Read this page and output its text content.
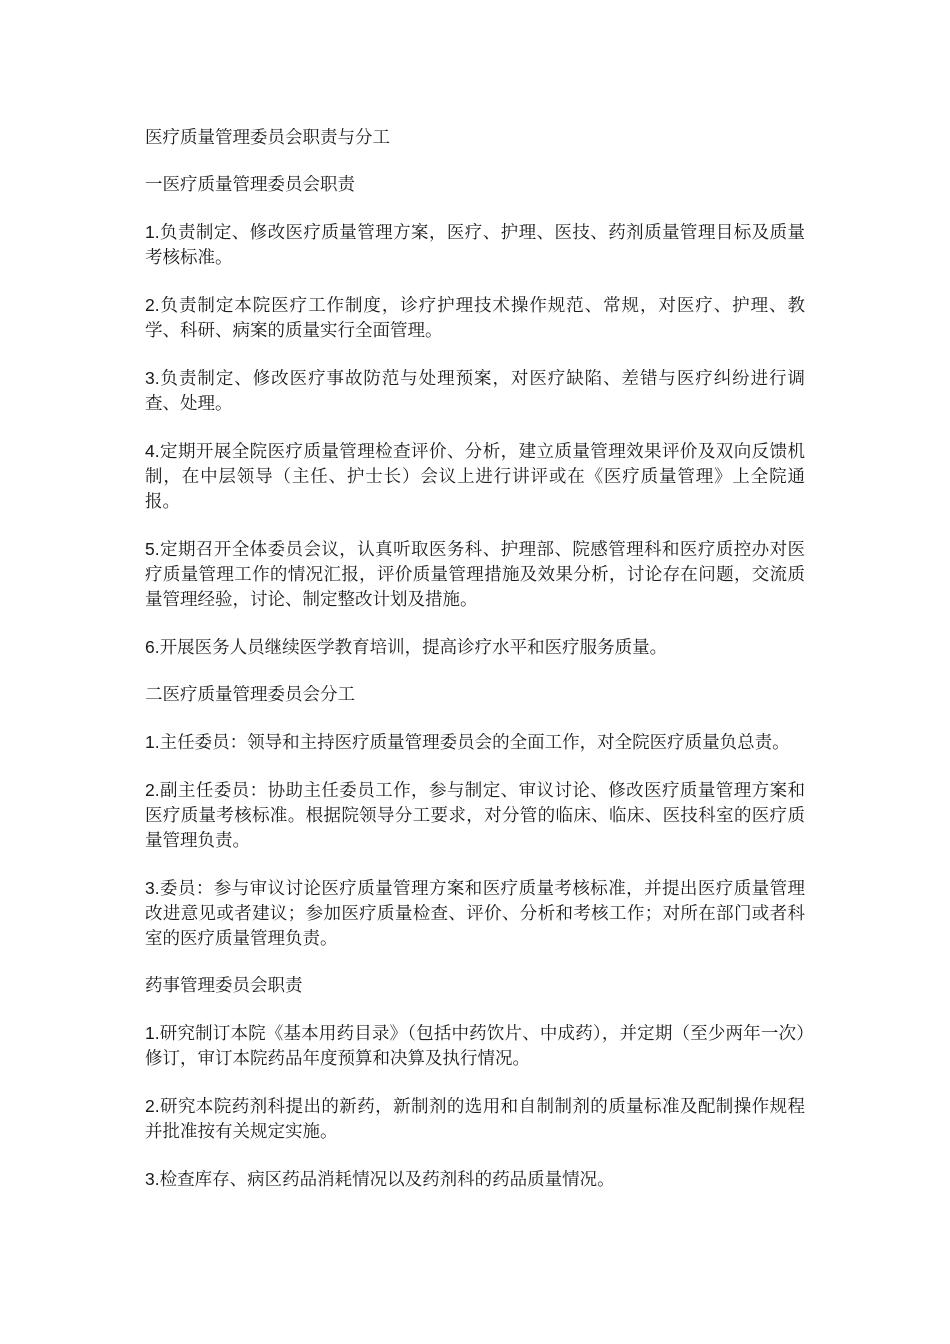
医疗质量管理委员会职责与分工

一医疗质量管理委员会职责

1.负责制定、修改医疗质量管理方案，医疗、护理、医技、药剂质量管理目标及质量考核标准。

2.负责制定本院医疗工作制度，诊疗护理技术操作规范、常规，对医疗、护理、教学、科研、病案的质量实行全面管理。

3.负责制定、修改医疗事故防范与处理预案，对医疗缺陷、差错与医疗纠纷进行调查、处理。

4.定期开展全院医疗质量管理检查评价、分析，建立质量管理效果评价及双向反馈机制，在中层领导（主任、护士长）会议上进行讲评或在《医疗质量管理》上全院通报。

5.定期召开全体委员会议，认真听取医务科、护理部、院感管理科和医疗质控办对医疗质量管理工作的情况汇报，评价质量管理措施及效果分析，讨论存在问题，交流质量管理经验，讨论、制定整改计划及措施。

6.开展医务人员继续医学教育培训，提高诊疗水平和医疗服务质量。

二医疗质量管理委员会分工

1.主任委员：领导和主持医疗质量管理委员会的全面工作，对全院医疗质量负总责。

2.副主任委员：协助主任委员工作，参与制定、审议讨论、修改医疗质量管理方案和医疗质量考核标准。根据院领导分工要求，对分管的临床、临床、医技科室的医疗质量管理负责。

3.委员：参与审议讨论医疗质量管理方案和医疗质量考核标准，并提出医疗质量管理改进意见或者建议；参加医疗质量检查、评价、分析和考核工作；对所在部门或者科室的医疗质量管理负责。

药事管理委员会职责

1.研究制订本院《基本用药目录》（包括中药饮片、中成药），并定期（至少两年一次）修订，审订本院药品年度预算和决算及执行情况。

2.研究本院药剂科提出的新药，新制剂的选用和自制制剂的质量标准及配制操作规程并批准按有关规定实施。

3.检查库存、病区药品消耗情况以及药剂科的药品质量情况。
